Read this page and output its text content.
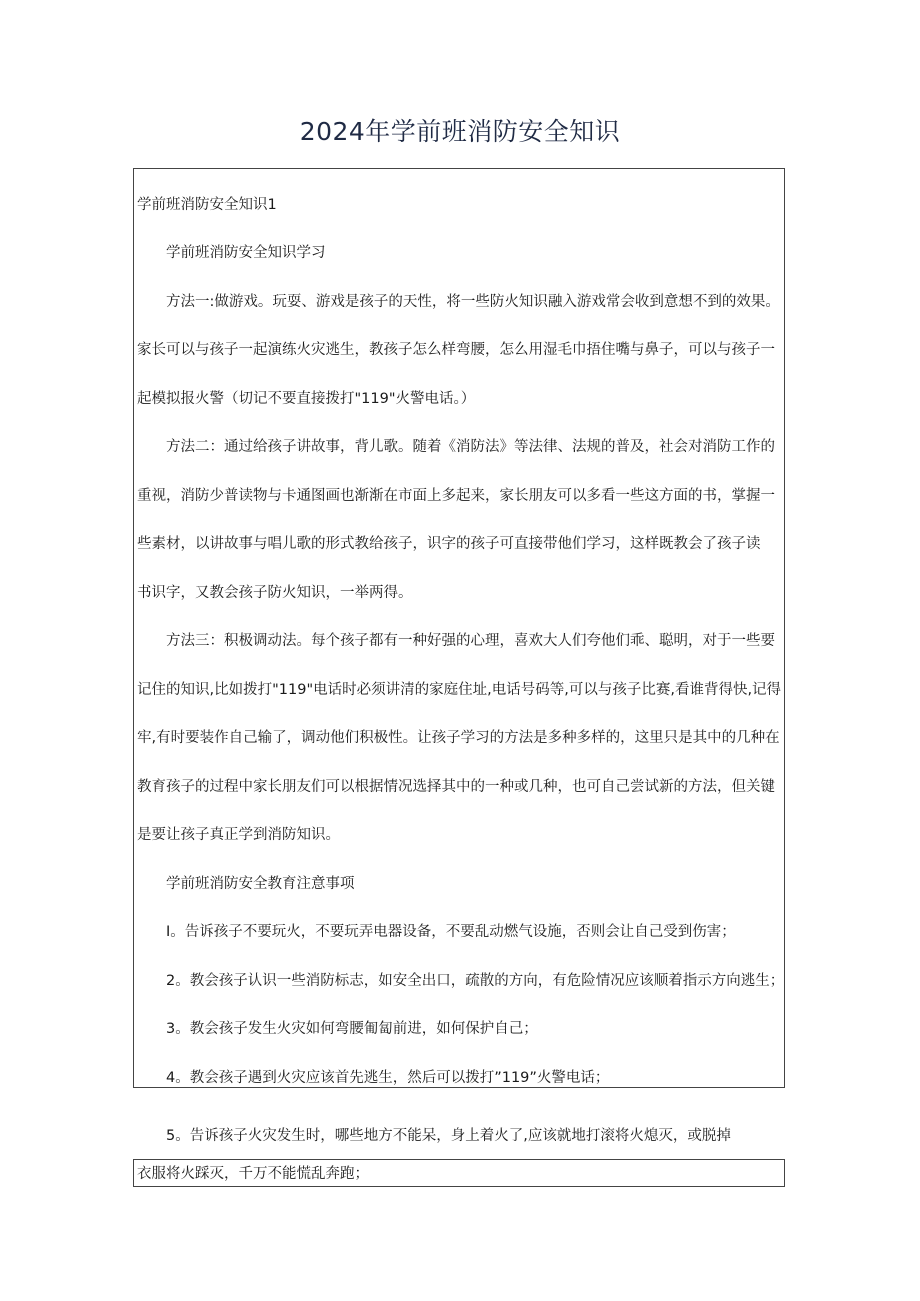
2024年学前班消防安全知识
学前班消防安全知识1
学前班消防安全知识学习
方法一:做游戏。玩耍、游戏是孩子的天性，将一些防火知识融入游戏常会收到意想不到的效果。
家长可以与孩子一起演练火灾逃生，教孩子怎么样弯腰，怎么用湿毛巾捂住嘴与鼻子，可以与孩子一
起模拟报火警（切记不要直接拨打"119"火警电话。）
方法二：通过给孩子讲故事，背儿歌。随着《消防法》等法律、法规的普及，社会对消防工作的
重视，消防少普读物与卡通图画也渐渐在市面上多起来，家长朋友可以多看一些这方面的书，掌握一
些素材，以讲故事与唱儿歌的形式教给孩子，识字的孩子可直接带他们学习，这样既教会了孩子读
书识字，又教会孩子防火知识，一举两得。
方法三：积极调动法。每个孩子都有一种好强的心理，喜欢大人们夸他们乖、聪明，对于一些要
记住的知识,比如拨打"119"电话时必须讲清的家庭住址,电话号码等,可以与孩子比赛,看谁背得快,记得
牢,有时要装作自己输了，调动他们积极性。让孩子学习的方法是多种多样的，这里只是其中的几种在
教育孩子的过程中家长朋友们可以根据情况选择其中的一种或几种，也可自己尝试新的方法，但关键
是要让孩子真正学到消防知识。
学前班消防安全教育注意事项
I。告诉孩子不要玩火，不要玩弄电器设备，不要乱动燃气设施，否则会让自己受到伤害；
2。教会孩子认识一些消防标志，如安全出口，疏散的方向，有危险情况应该顺着指示方向逃生；
3。教会孩子发生火灾如何弯腰匍匐前进，如何保护自己；
4。教会孩子遇到火灾应该首先逃生，然后可以拨打”119”火警电话；
5。告诉孩子火灾发生时，哪些地方不能呆，身上着火了,应该就地打滚将火熄灭，或脱掉
衣服将火踩灭，千万不能慌乱奔跑；
